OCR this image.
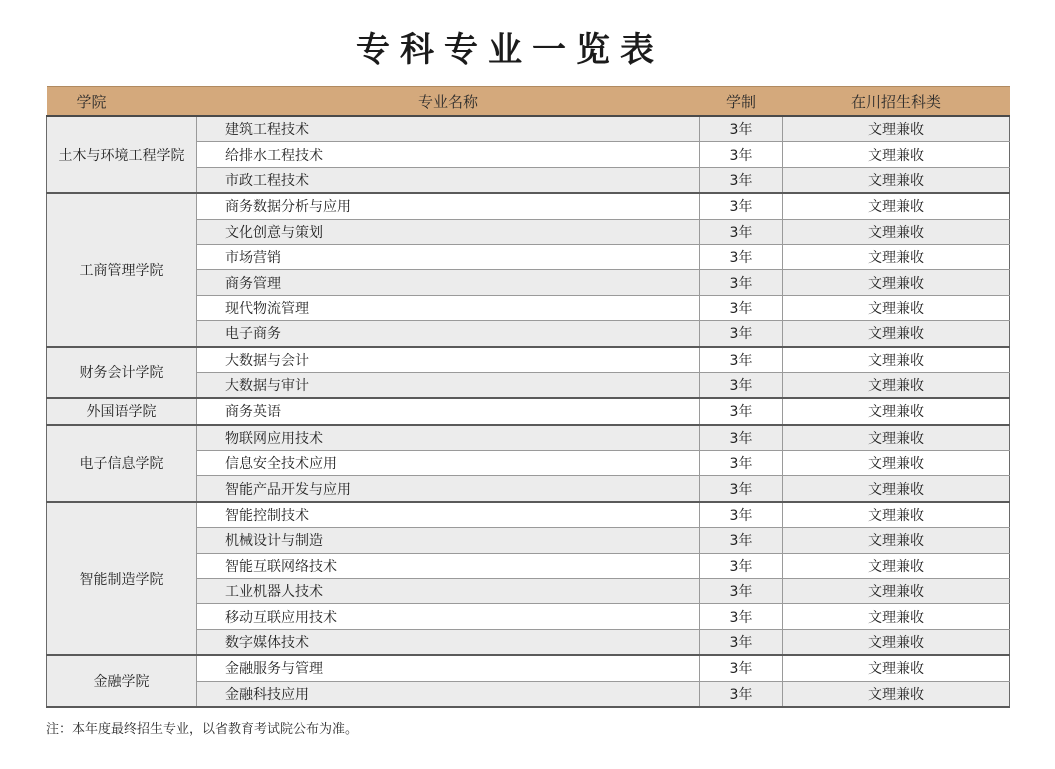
专科专业一览表
学院	专业名称	学制	在川招生科类
土木与环境工程学院	建筑工程技术	3年	文理兼收
	给排水工程技术	3年	文理兼收
	市政工程技术	3年	文理兼收
工商管理学院	商务数据分析与应用	3年	文理兼收
	文化创意与策划	3年	文理兼收
	市场营销	3年	文理兼收
	商务管理	3年	文理兼收
	现代物流管理	3年	文理兼收
	电子商务	3年	文理兼收
财务会计学院	大数据与会计	3年	文理兼收
	大数据与审计	3年	文理兼收
外国语学院	商务英语	3年	文理兼收
电子信息学院	物联网应用技术	3年	文理兼收
	信息安全技术应用	3年	文理兼收
	智能产品开发与应用	3年	文理兼收
智能制造学院	智能控制技术	3年	文理兼收
	机械设计与制造	3年	文理兼收
	智能互联网络技术	3年	文理兼收
	工业机器人技术	3年	文理兼收
	移动互联应用技术	3年	文理兼收
	数字媒体技术	3年	文理兼收
金融学院	金融服务与管理	3年	文理兼收
	金融科技应用	3年	文理兼收
注：本年度最终招生专业，以省教育考试院公布为准。
